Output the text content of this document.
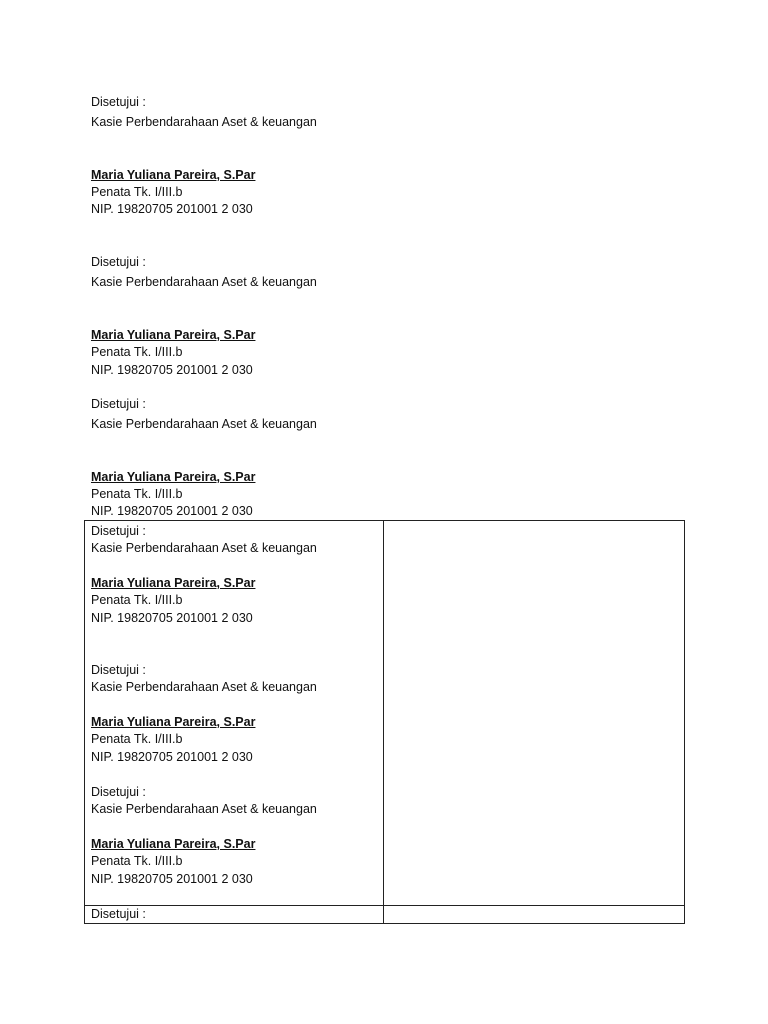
Disetujui :
Kasie Perbendarahaan Aset & keuangan
Maria Yuliana Pareira, S.Par
Penata Tk. I/III.b
NIP. 19820705 201001 2 030
Disetujui :
Kasie Perbendarahaan Aset & keuangan
Maria Yuliana Pareira, S.Par
Penata Tk. I/III.b
NIP. 19820705 201001 2 030
Disetujui :
Kasie Perbendarahaan Aset & keuangan
Maria Yuliana Pareira, S.Par
Penata Tk. I/III.b
NIP. 19820705 201001 2 030
Disetujui :
Kasie Perbendarahaan Aset & keuangan
Maria Yuliana Pareira, S.Par
Penata Tk. I/III.b
NIP. 19820705 201001 2 030
Disetujui :
Kasie Perbendarahaan Aset & keuangan
Maria Yuliana Pareira, S.Par
Penata Tk. I/III.b
NIP. 19820705 201001 2 030
Disetujui :
Kasie Perbendarahaan Aset & keuangan
Maria Yuliana Pareira, S.Par
Penata Tk. I/III.b
NIP. 19820705 201001 2 030
Disetujui :
